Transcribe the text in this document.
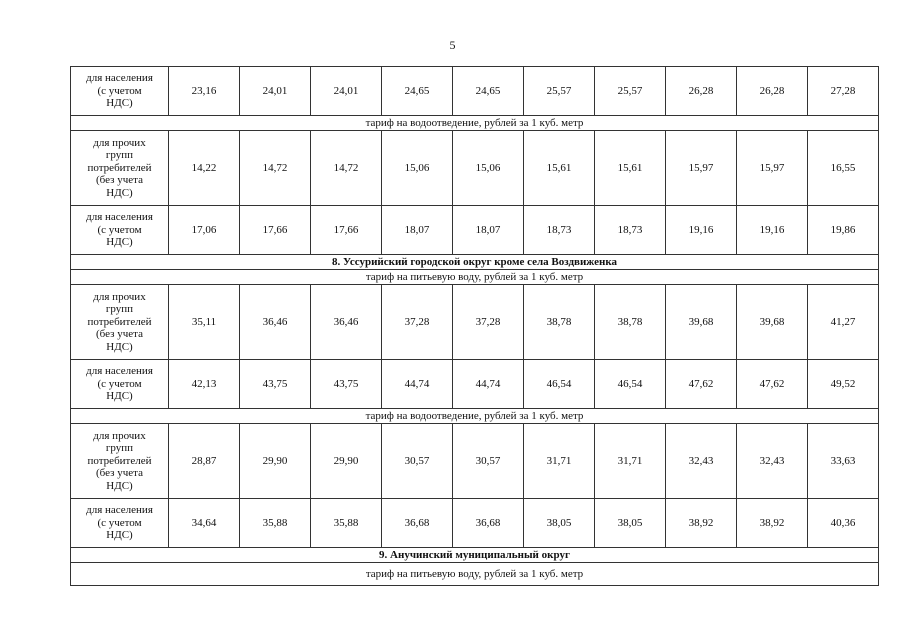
5
для населения
(с учетом
НДС)	23,16	24,01	24,01	24,65	24,65	25,57	25,57	26,28	26,28	27,28
тариф на водоотведение, рублей за 1 куб. метр										
для прочих
групп
потребителей
(без учета
НДС)	14,22	14,72	14,72	15,06	15,06	15,61	15,61	15,97	15,97	16,55
для населения
(с учетом
НДС)	17,06	17,66	17,66	18,07	18,07	18,73	18,73	19,16	19,16	19,86
8. Уссурийский городской округ кроме села Воздвиженка										
тариф на питьевую воду, рублей за 1 куб. метр										
для прочих
групп
потребителей
(без учета
НДС)	35,11	36,46	36,46	37,28	37,28	38,78	38,78	39,68	39,68	41,27
для населения
(с учетом
НДС)	42,13	43,75	43,75	44,74	44,74	46,54	46,54	47,62	47,62	49,52
тариф на водоотведение, рублей за 1 куб. метр										
для прочих
групп
потребителей
(без учета
НДС)	28,87	29,90	29,90	30,57	30,57	31,71	31,71	32,43	32,43	33,63
для населения
(с учетом
НДС)	34,64	35,88	35,88	36,68	36,68	38,05	38,05	38,92	38,92	40,36
9. Анучинский муниципальный округ										
тариф на питьевую воду, рублей за 1 куб. метр										
